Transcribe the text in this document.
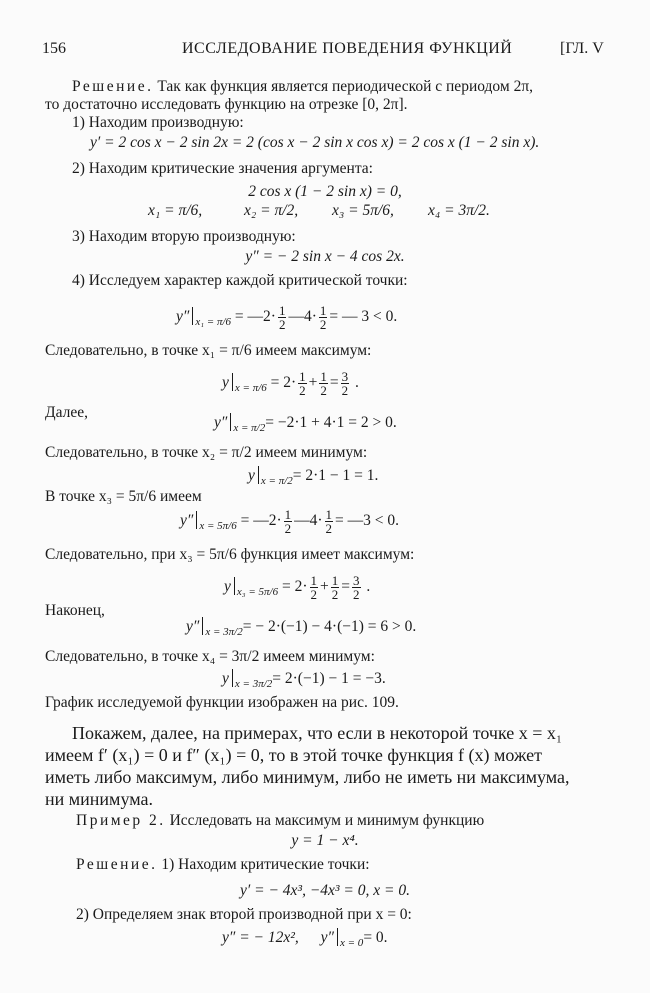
156	ИССЛЕДОВАНИЕ ПОВЕДЕНИЯ ФУНКЦИЙ	[ГЛ. V
Решение. Так как функция является периодической с периодом 2π,
то достаточно исследовать функцию на отрезке [0, 2π].
1) Находим производную:
y′ = 2 cos x − 2 sin 2x = 2 (cos x − 2 sin x cos x) = 2 cos x (1 − 2 sin x).
2) Находим критические значения аргумента:
2 cos x (1 − 2 sin x) = 0,
x₁ = π/6,	x₂ = π/2, x₃ = 5π/6, x₄ = 3π/2.
3) Находим вторую производную:
y″ = − 2 sin x − 4 cos 2x.
4) Исследуем характер каждой критической точки:
y″ $_{x_1 = \pi/6}$ = —2· $\frac{1}{2}$ —4· $\frac{1}{2}$ = — 3 < 0.
Следовательно, в точке x₁ = π/6 имеем максимум:
y $_{x = \pi/6} = 2\cdot \frac{1}{2} + \frac{1}{2} = \frac{3}{2}$ .
Далее,
y″ $_{x = \pi/2}$= −2·1 + 4·1 = 2 > 0.
Следовательно, в точке x₂ = π/2 имеем минимум:
y $_{x = \pi/2}$= 2·1 − 1 = 1.
В точке x₃ = 5π/6 имеем
y″ $_{x = 5\pi/6}$ = —2· $\frac{1}{2}$ —4· $\frac{1}{2}$ = —3 < 0.
Следовательно, при x₃ = 5π/6 функция имеет максимум:
y $_{x_3 = 5\pi/6} = 2\cdot \frac{1}{2} + \frac{1}{2} = \frac{3}{2}$ .
Наконец,
y″ $_{x = 3\pi/2}$= − 2·(−1) − 4·(−1) = 6 > 0.
Следовательно, в точке x₄ = 3π/2 имеем минимум:
y $_{x = 3\pi/2}$= 2·(−1) − 1 = −3.
График исследуемой функции изображен на рис. 109.
Покажем, далее, на примерах, что если в некоторой точке x = x₁
имеем f′ (x₁) = 0 и f″ (x₁) = 0, то в этой точке функция f (x) может
иметь либо максимум, либо минимум, либо не иметь ни максимума,
ни минимума.
Пример 2. Исследовать на максимум и минимум функцию
y = 1 − x⁴.
Решение. 1) Находим критические точки:
y′ = − 4x³, −4x³ = 0, x = 0.
2) Определяем знак второй производной при x = 0:
y″ = − 12x², y″ $_{x = 0}$= 0.
